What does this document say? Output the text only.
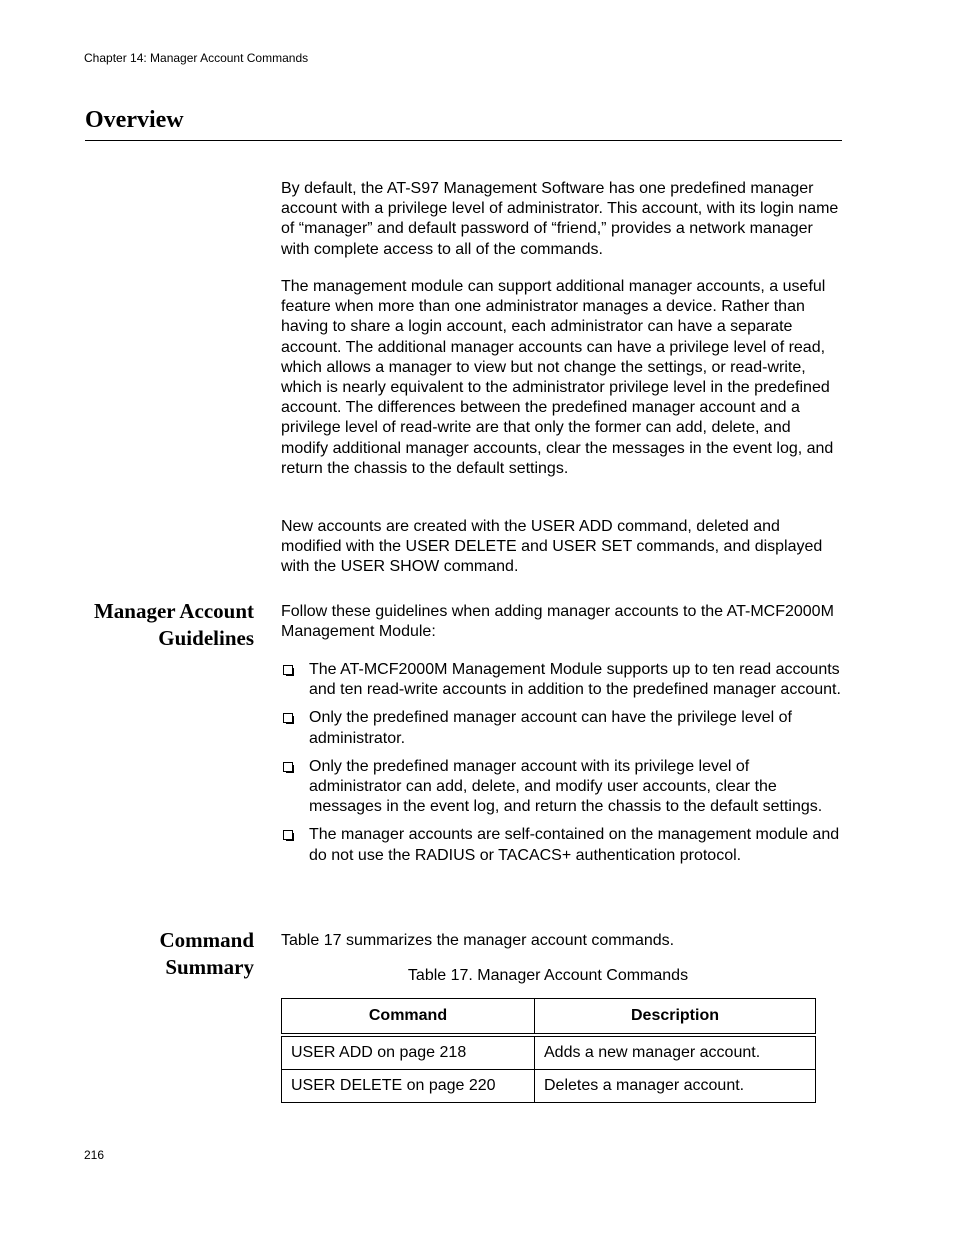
Chapter 14: Manager Account Commands
Overview

By default, the AT-S97 Management Software has one predefined manager account with a privilege level of administrator. This account, with its login name of “manager” and default password of “friend,” provides a network manager with complete access to all of the commands.

The management module can support additional manager accounts, a useful feature when more than one administrator manages a device. Rather than having to share a login account, each administrator can have a separate account. The additional manager accounts can have a privilege level of read, which allows a manager to view but not change the settings, or read-write, which is nearly equivalent to the administrator privilege level in the predefined account. The differences between the predefined manager account and a privilege level of read-write are that only the former can add, delete, and modify additional manager accounts, clear the messages in the event log, and return the chassis to the default settings.

New accounts are created with the USER ADD command, deleted and modified with the USER DELETE and USER SET commands, and displayed with the USER SHOW command.

Manager Account
Guidelines

Follow these guidelines when adding manager accounts to the AT-MCF2000M Management Module:

The AT-MCF2000M Management Module supports up to ten read accounts and ten read-write accounts in addition to the predefined manager account.
Only the predefined manager account can have the privilege level of administrator.
Only the predefined manager account with its privilege level of administrator can add, delete, and modify user accounts, clear the messages in the event log, and return the chassis to the default settings.
The manager accounts are self-contained on the management module and do not use the RADIUS or TACACS+ authentication protocol.
Command
Summary

Table 17 summarizes the manager account commands.

Table 17. Manager Account Commands
Command	Description
USER ADD on page 218	Adds a new manager account.
USER DELETE on page 220	Deletes a manager account.
216
